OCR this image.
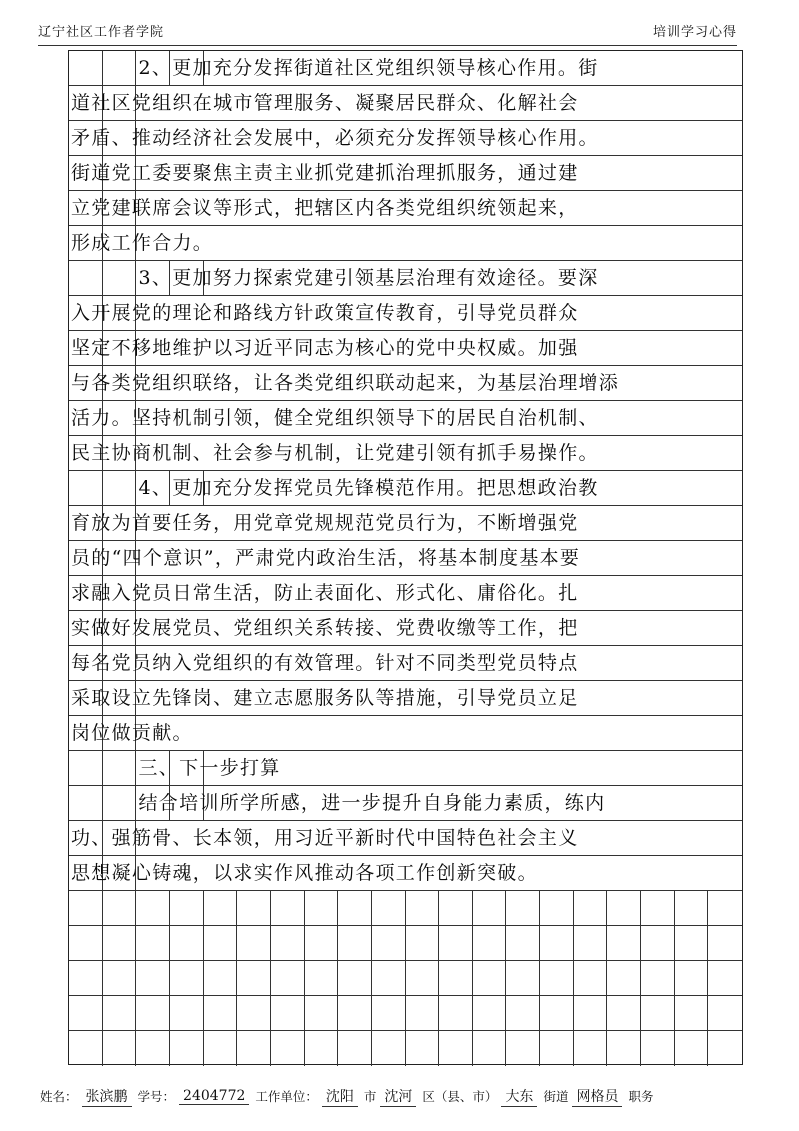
辽宁社区工作者学院	培训学习心得
2、更加充分发挥街道社区党组织领导核心作用。街
道社区党组织在城市管理服务、凝聚居民群众、化解社会
矛盾、推动经济社会发展中，必须充分发挥领导核心作用。
街道党工委要聚焦主责主业抓党建抓治理抓服务，通过建
立党建联席会议等形式，把辖区内各类党组织统领起来，
形成工作合力。
3、更加努力探索党建引领基层治理有效途径。要深
入开展党的理论和路线方针政策宣传教育，引导党员群众
坚定不移地维护以习近平同志为核心的党中央权威。加强
与各类党组织联络，让各类党组织联动起来，为基层治理增添
活力。坚持机制引领，健全党组织领导下的居民自治机制、
民主协商机制、社会参与机制，让党建引领有抓手易操作。
4、更加充分发挥党员先锋模范作用。把思想政治教
育放为首要任务，用党章党规规范党员行为，不断增强党
员的“四个意识”，严肃党内政治生活，将基本制度基本要
求融入党员日常生活，防止表面化、形式化、庸俗化。扎
实做好发展党员、党组织关系转接、党费收缴等工作，把
每名党员纳入党组织的有效管理。针对不同类型党员特点
采取设立先锋岗、建立志愿服务队等措施，引导党员立足
岗位做贡献。
三、下一步打算
结合培训所学所感，进一步提升自身能力素质，练内
功、强筋骨、长本领，用习近平新时代中国特色社会主义
思想凝心铸魂，以求实作风推动各项工作创新突破。
姓名： 张滨鹏 学号： 2404772 工作单位： 沈阳 市 沈河 区（县、市） 大东 街道 网格员 职务
